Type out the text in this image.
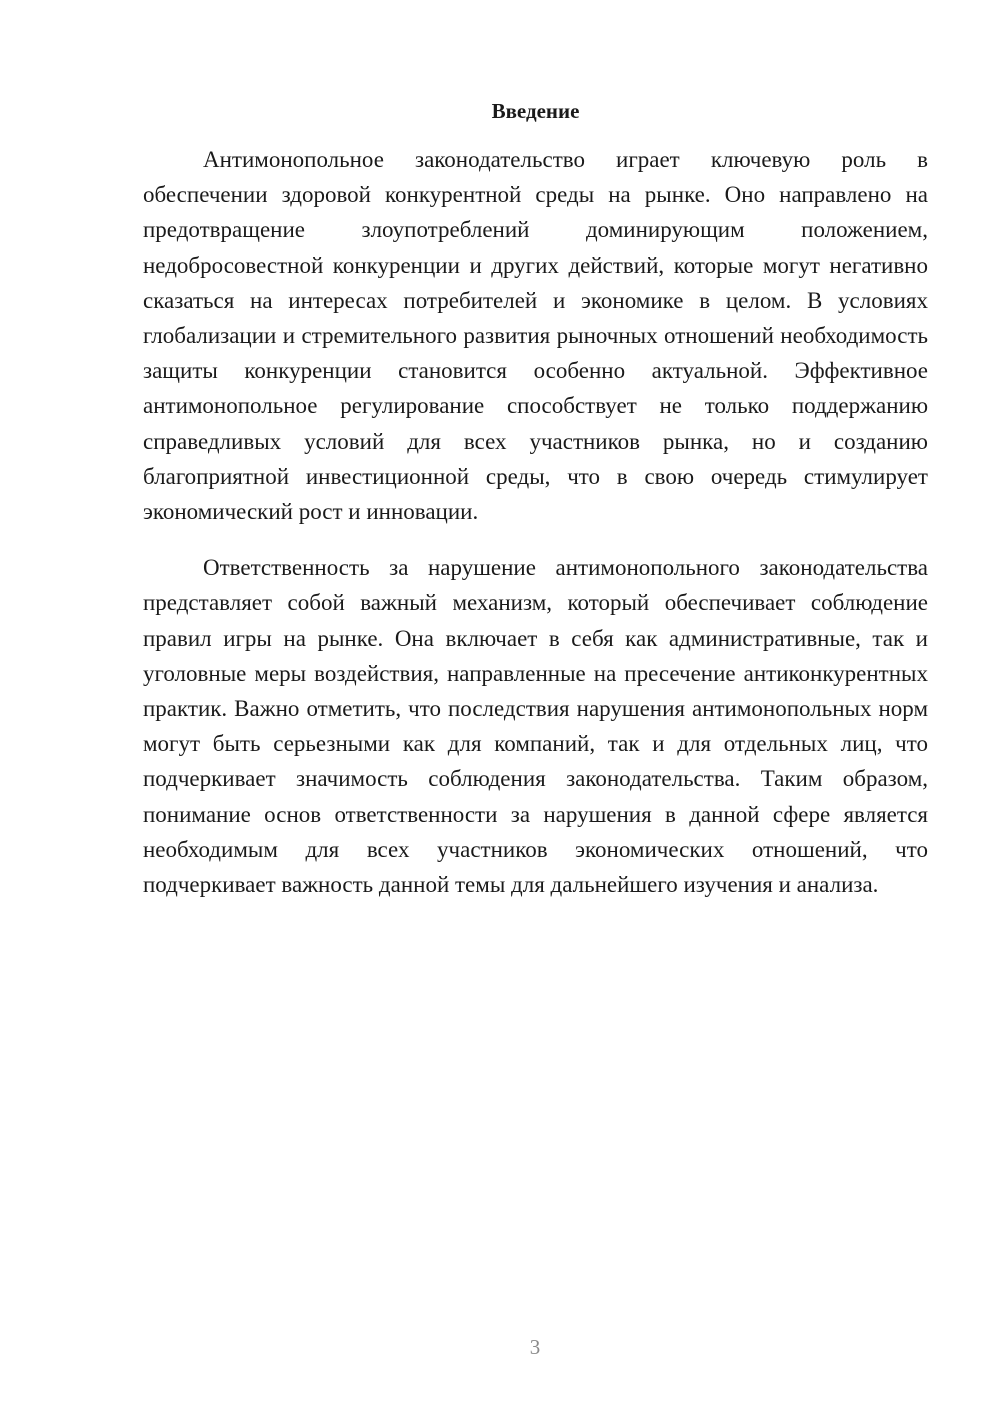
Введение

Антимонопольное законодательство играет ключевую роль в обеспечении здоровой конкурентной среды на рынке. Оно направлено на предотвращение злоупотреблений доминирующим положением, недобросовестной конкуренции и других действий, которые могут негативно сказаться на интересах потребителей и экономике в целом. В условиях глобализации и стремительного развития рыночных отношений необходимость защиты конкуренции становится особенно актуальной. Эффективное антимонопольное регулирование способствует не только поддержанию справедливых условий для всех участников рынка, но и созданию благоприятной инвестиционной среды, что в свою очередь стимулирует экономический рост и инновации.

Ответственность за нарушение антимонопольного законодательства представляет собой важный механизм, который обеспечивает соблюдение правил игры на рынке. Она включает в себя как административные, так и уголовные меры воздействия, направленные на пресечение антиконкурентных практик. Важно отметить, что последствия нарушения антимонопольных норм могут быть серьезными как для компаний, так и для отдельных лиц, что подчеркивает значимость соблюдения законодательства. Таким образом, понимание основ ответственности за нарушения в данной сфере является необходимым для всех участников экономических отношений, что подчеркивает важность данной темы для дальнейшего изучения и анализа.

3
